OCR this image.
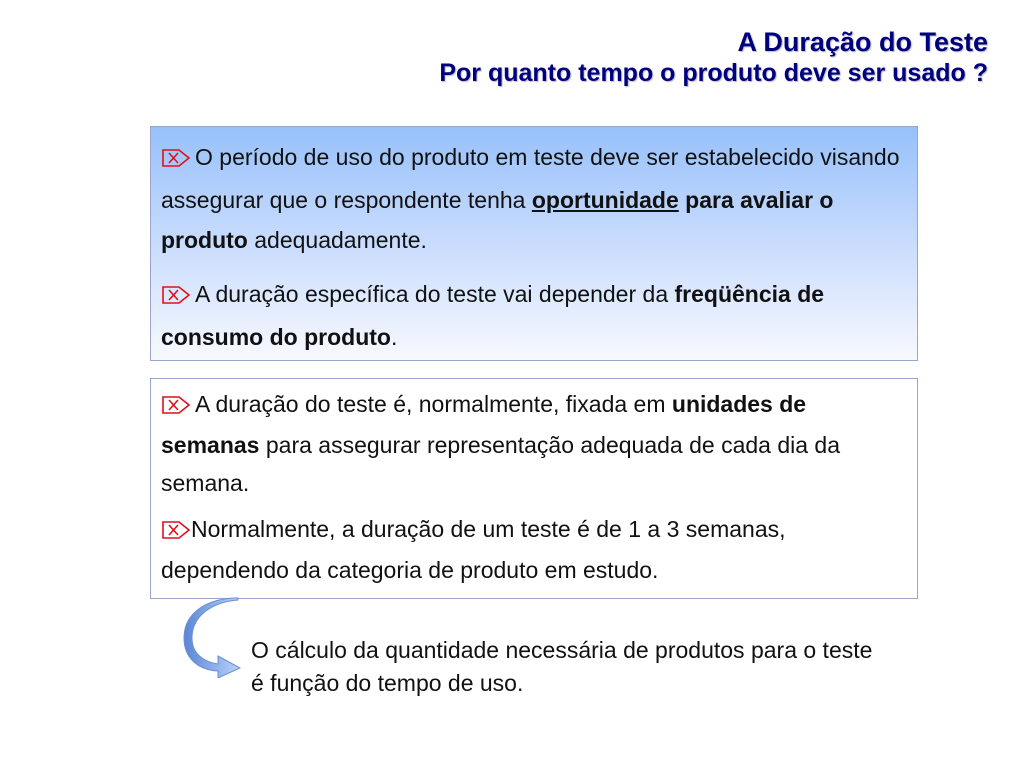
A Duração do Teste
Por quanto tempo o produto deve ser usado ?

O período de uso do produto em teste deve ser estabelecido visando assegurar que o respondente tenha oportunidade para avaliar o produto adequadamente.

A duração específica do teste vai depender da freqüência de consumo do produto.

A duração do teste é, normalmente, fixada em unidades de semanas para assegurar representação adequada de cada dia da semana.

Normalmente, a duração de um teste é de 1 a 3 semanas, dependendo da categoria de produto em estudo.

O cálculo da quantidade necessária de produtos para o teste é função do tempo de uso.
